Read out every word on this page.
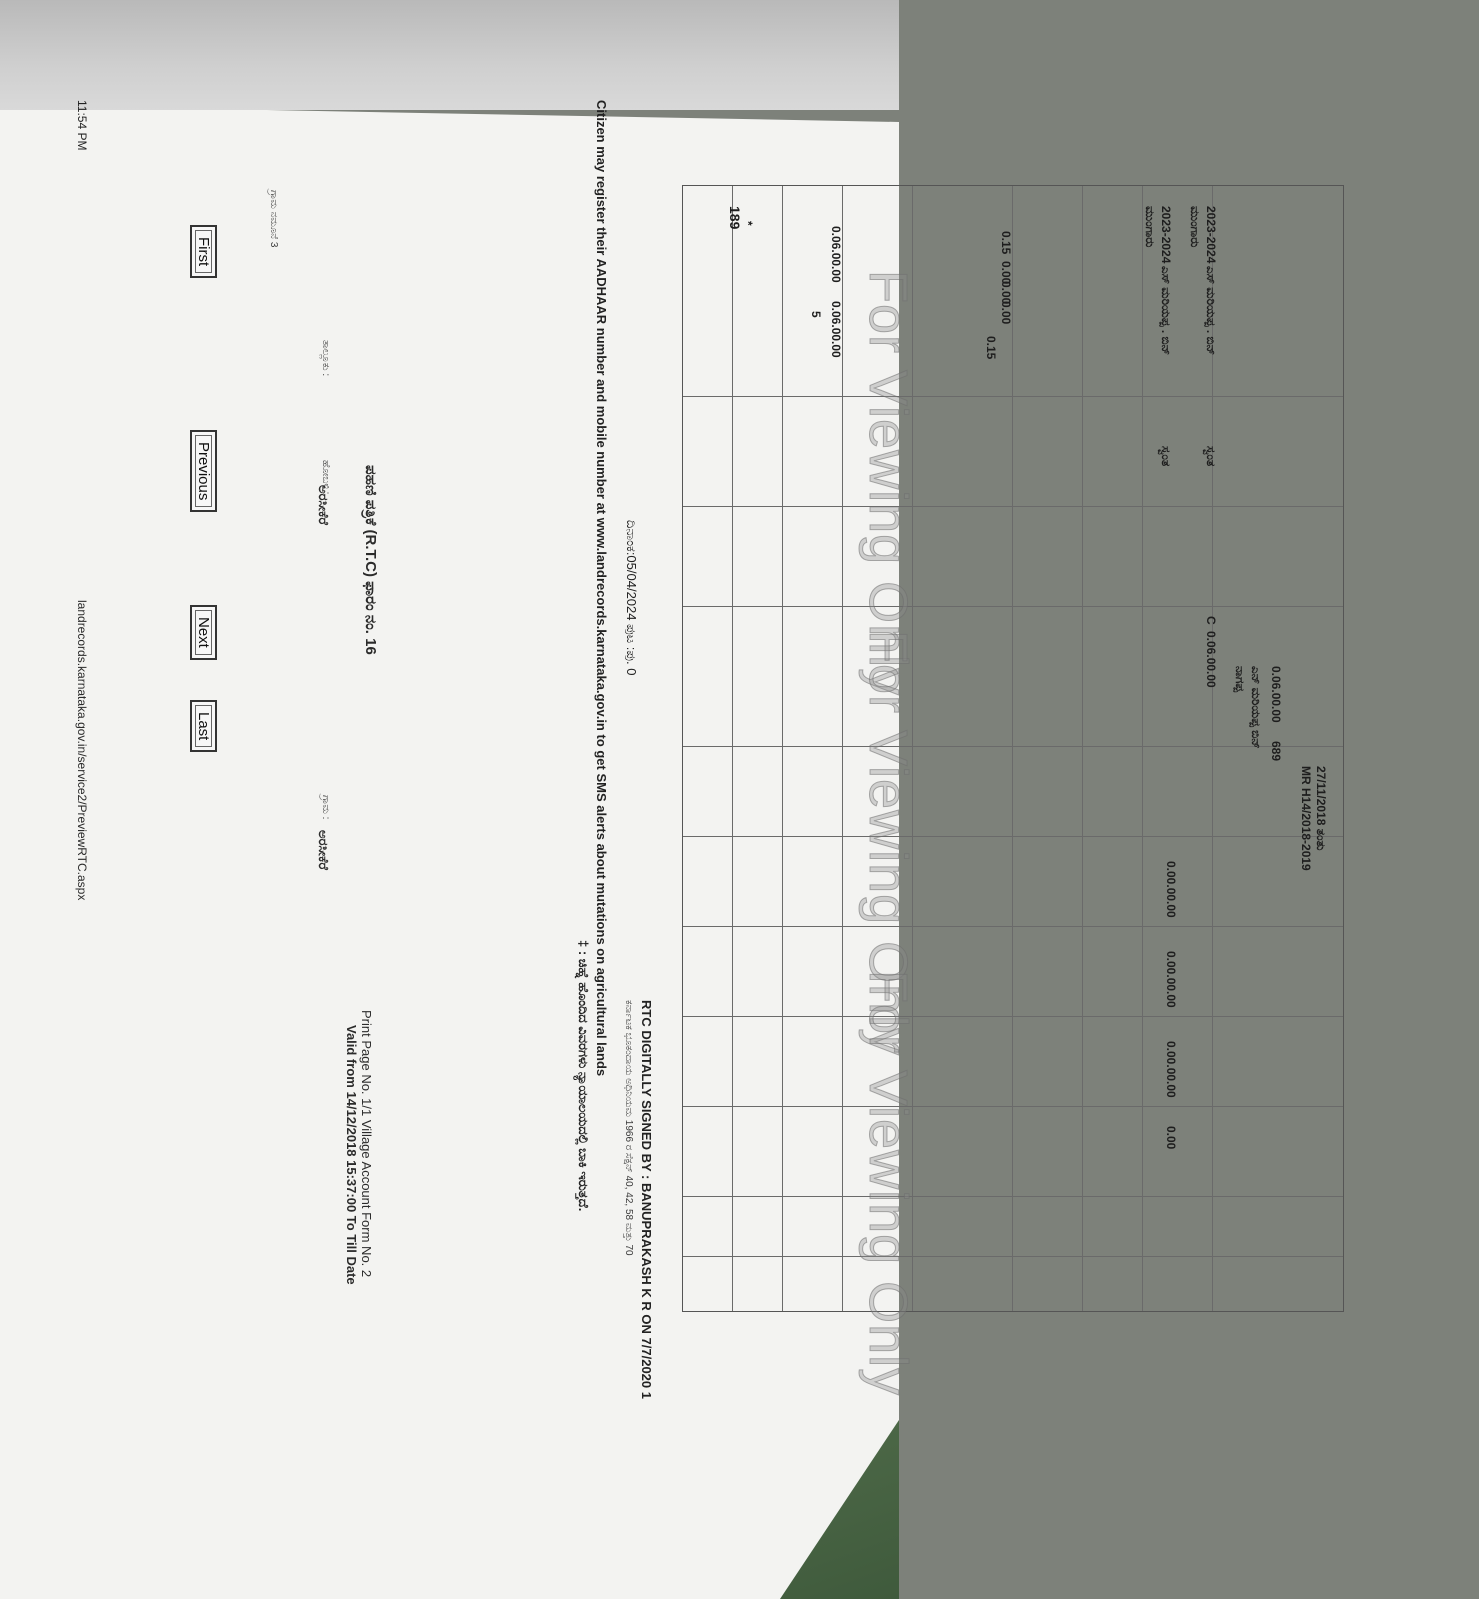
11:54 PM
landrecords.karnataka.gov.in/service2/PreviewRTC.aspx
First
Previous
Next
Last
ಗ್ರಾಮ ನಮೂನೆ 3
ಪಹಣಿ ಪತ್ರಿಕೆ (R.T.C) ಫಾರಂ ನಂ. 16
Print Page No. 1/1 Village Account Form No. 2
Valid from 14/12/2018 15:37:00 To Till Date
ತಾಲ್ಲೂಕು :
ಹೋಬಳಿ :
ಅರಸೀಕೆರೆ
ಗ್ರಾಮ :
ಅರಸೀಕೆರೆ
189
*
5
0.06.00.00
0.06.00.00
0.15
0.00
0.00
0.00
0.15
ಎನ್ ಮರಿಯಪ್ಪ ಬಿನ್
ನಾಗಪ್ಪ 0.06.00.00
689
MR H14/2018-2019 27/11/2018 ತಂತು
2023-2024
ಮುಂಗಾರು
ಎಸ್ ಮರಿಯಪ್ಪ . ಬಿನ್
ಸ್ವಂತ
2023-2024
ಮುಂಗಾರು
ಎಸ್ ಮರಿಯಪ್ಪ . ಬಿನ್
ಸ್ವಂತ
C
0.06.00.00
0.00.00.00
0.00.00.00
0.00.00.00
0.00
For Viewing Only
For Viewing Only
For Viewing Only
ದಿನಾಂಕ:05/04/2024 ಪುಟ :ಪು. 0
RTC DIGITALLY SIGNED BY : BANUPRAKASH K R ON 7/7/2020 1
ಕರ್ನಾಟಕ ಭೂಕಂದಾಯ ಅಧಿನಿಯಮ 1966 ರ ಸೆಕ್ಷನ್ 40, 42, 58 ಮತ್ತು 70
Citizen may register their AADHAAR number and mobile number at www.landrecords.karnataka.gov.in to get SMS alerts about mutations on agricultural lands
‡ : ಚಿಹ್ನೆ ಹೊಂದಿದ ವಿವರಗಳು ನ್ಯಾಯಾಲಯದಲ್ಲಿ ಬಾಕಿ ಇರುತ್ತದೆ.
